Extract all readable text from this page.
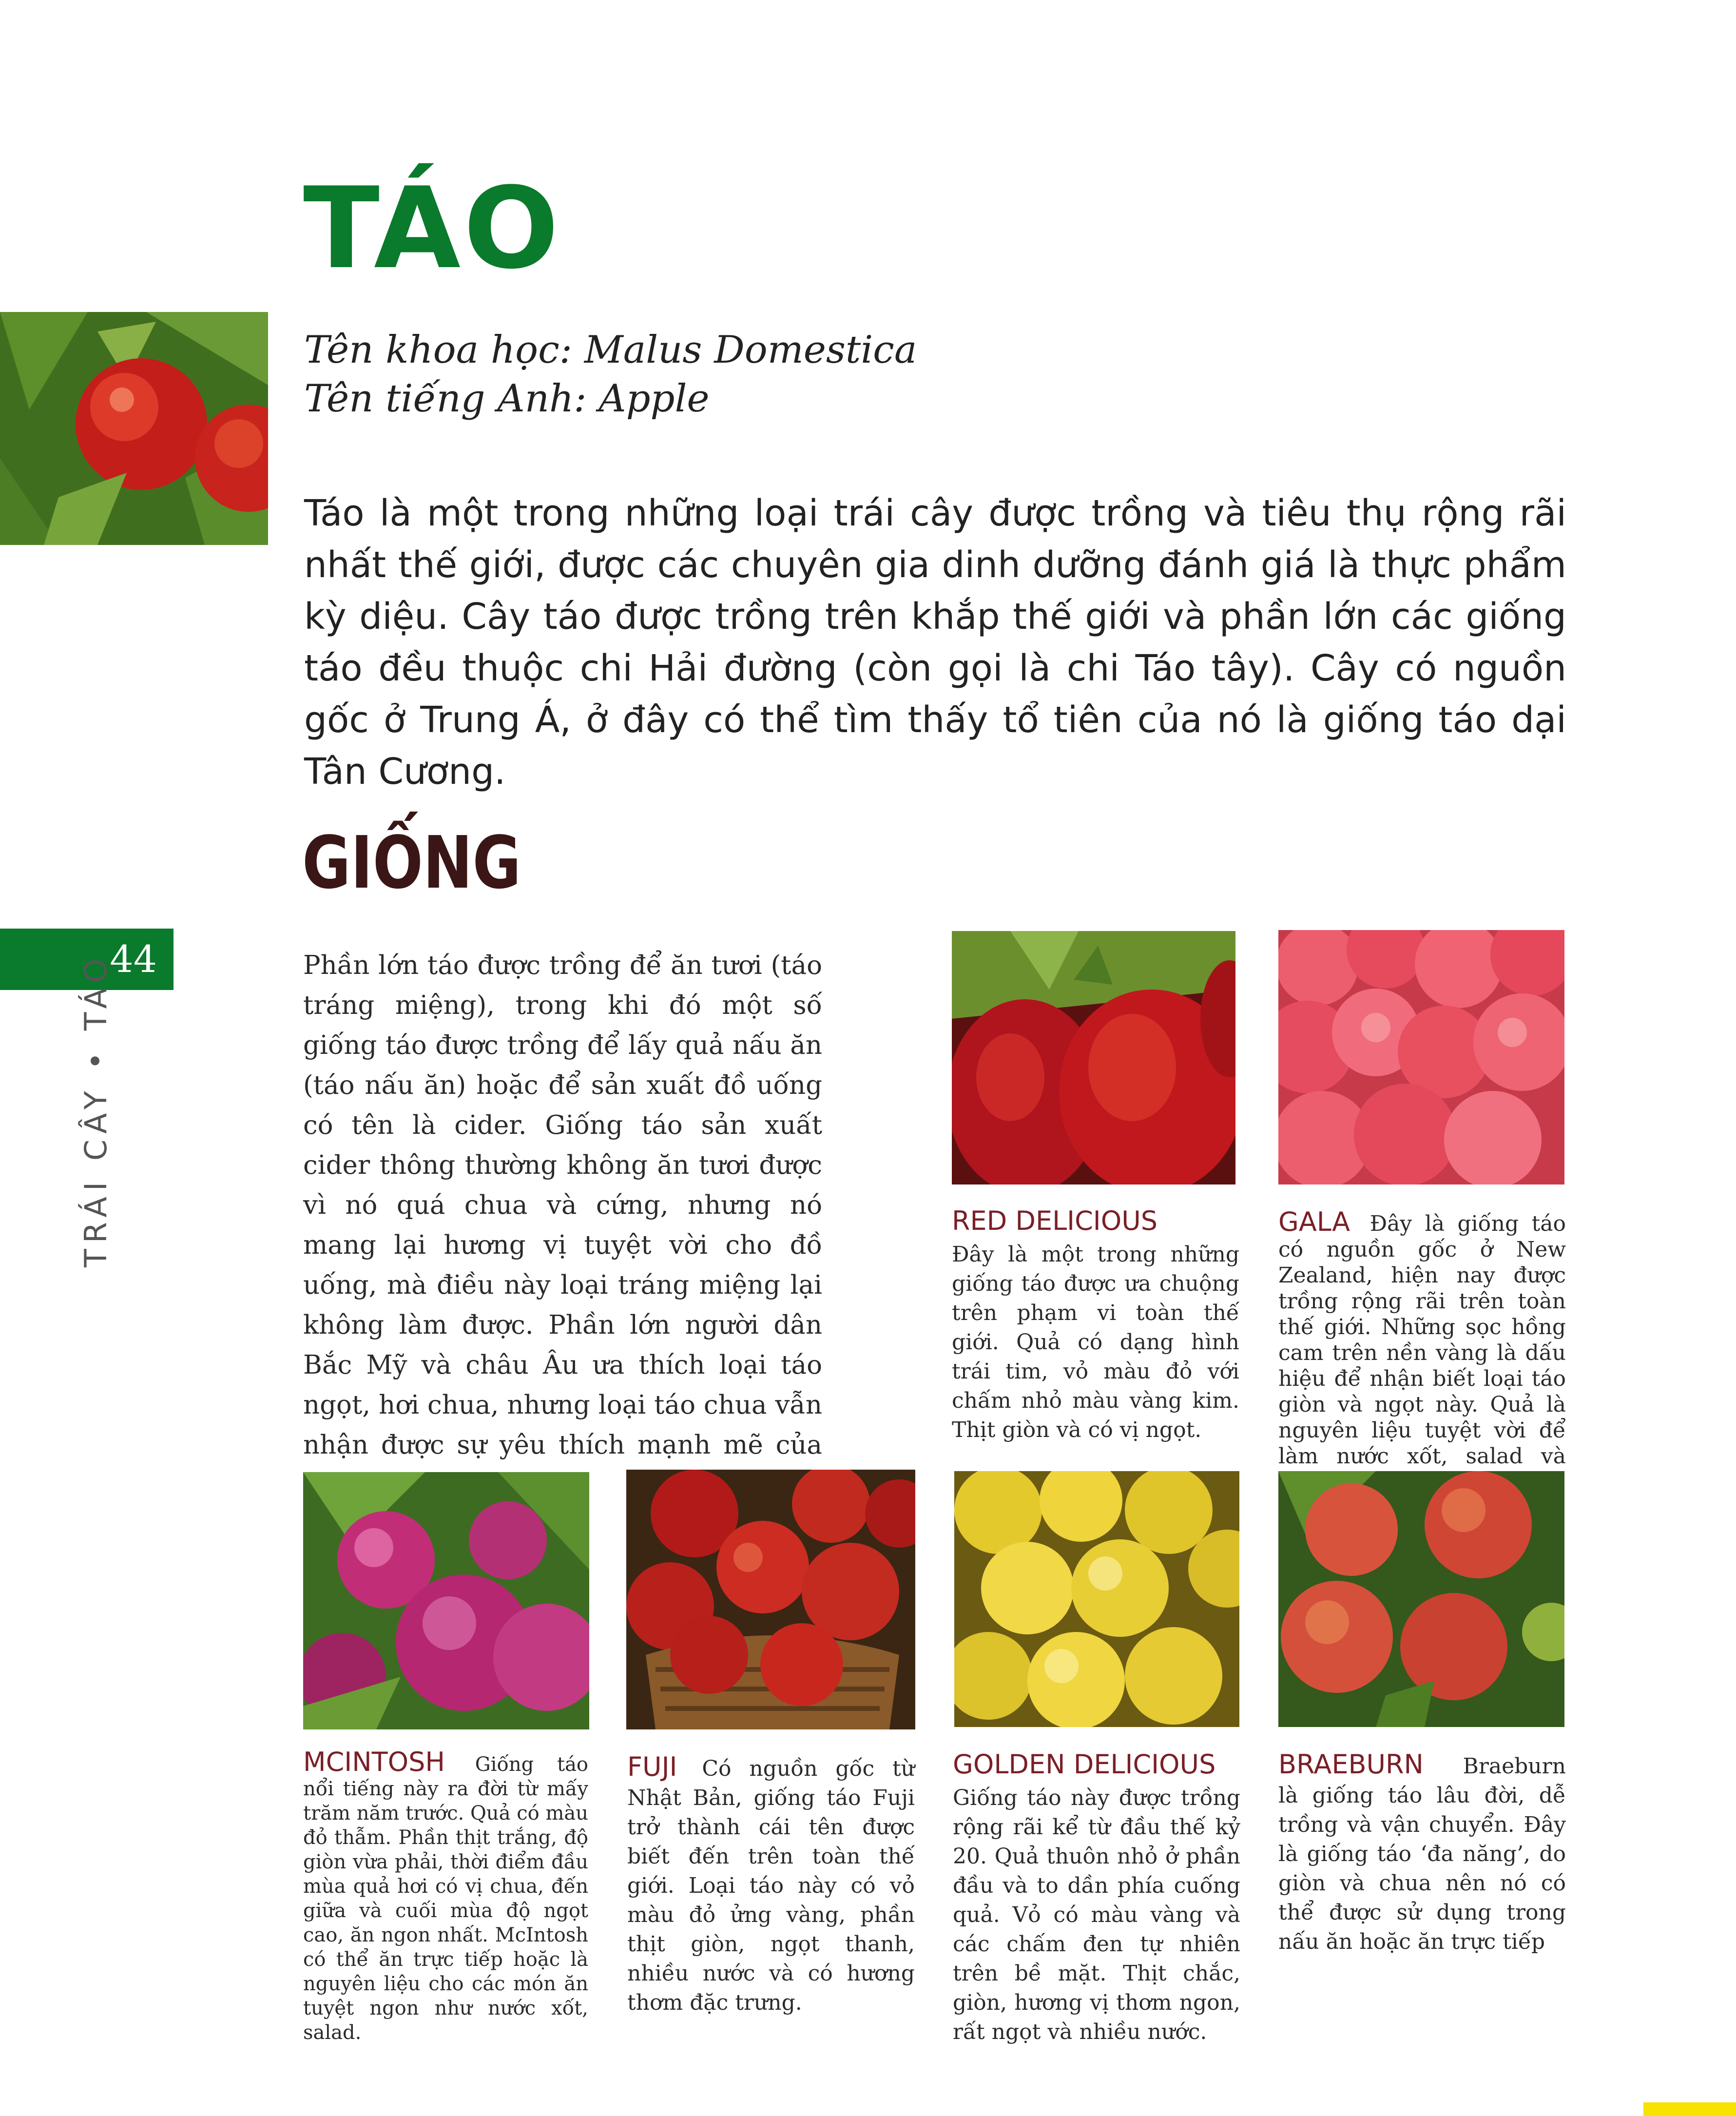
TÁO
Tên khoa học: Malus Domestica
Tên tiếng Anh: Apple

Táo là một trong những loại trái cây được trồng và tiêu thụ rộng rãi nhất thế giới, được các chuyên gia dinh dưỡng đánh giá là thực phẩm kỳ diệu. Cây táo được trồng trên khắp thế giới và phần lớn các giống táo đều thuộc chi Hải đường (còn gọi là chi Táo tây). Cây có nguồn gốc ở Trung Á, ở đây có thể tìm thấy tổ tiên của nó là giống táo dại Tân Cương.

GIỐNG
44
TRÁI CÂY • TÁO	Phần lớn táo được trồng để ăn tươi (táo tráng miệng), trong khi đó một số giống táo được trồng để lấy quả nấu ăn (táo nấu ăn) hoặc để sản xuất đồ uống có tên là cider. Giống táo sản xuất cider thông thường không ăn tươi được vì nó quá chua và cứng, nhưng nó mang lại hương vị tuyệt vời cho đồ uống, mà điều này loại tráng miệng lại không làm được. Phần lớn người dân Bắc Mỹ và châu Âu ưa thích loại táo ngọt, hơi chua, nhưng loại táo chua vẫn nhận được sự yêu thích mạnh mẽ của

RED DELICIOUS
Đây là một trong những giống táo được ưa chuộng trên phạm vi toàn thế giới. Quả có dạng hình trái tim, vỏ màu đỏ với chấm nhỏ màu vàng kim. Thịt giòn và có vị ngọt.
GALA Đây là giống táo có nguồn gốc ở New Zealand, hiện nay được trồng rộng rãi trên toàn thế giới. Những sọc hồng cam trên nền vàng là dấu hiệu để nhận biết loại táo giòn và ngọt này. Quả là nguyên liệu tuyệt vời để làm nước xốt, salad và
MCINTOSH Giống táo nổi tiếng này ra đời từ mấy trăm năm trước. Quả có màu đỏ thẫm. Phần thịt trắng, độ giòn vừa phải, thời điểm đầu mùa quả hơi có vị chua, đến giữa và cuối mùa độ ngọt cao, ăn ngon nhất. McIntosh có thể ăn trực tiếp hoặc là nguyên liệu cho các món ăn tuyệt ngon như nước xốt, salad.
FUJI Có nguồn gốc từ Nhật Bản, giống táo Fuji trở thành cái tên được biết đến trên toàn thế giới. Loại táo này có vỏ màu đỏ ửng vàng, phần thịt giòn, ngọt thanh, nhiều nước và có hương thơm đặc trưng.
GOLDEN DELICIOUS
Giống táo này được trồng rộng rãi kể từ đầu thế kỷ 20. Quả thuôn nhỏ ở phần đầu và to dần phía cuống quả. Vỏ có màu vàng và các chấm đen tự nhiên trên bề mặt. Thịt chắc, giòn, hương vị thơm ngon, rất ngọt và nhiều nước.
BRAEBURN Braeburn là giống táo lâu đời, dễ trồng và vận chuyển. Đây là giống táo ‘đa năng’, do giòn và chua nên nó có thể được sử dụng trong nấu ăn hoặc ăn trực tiếp
